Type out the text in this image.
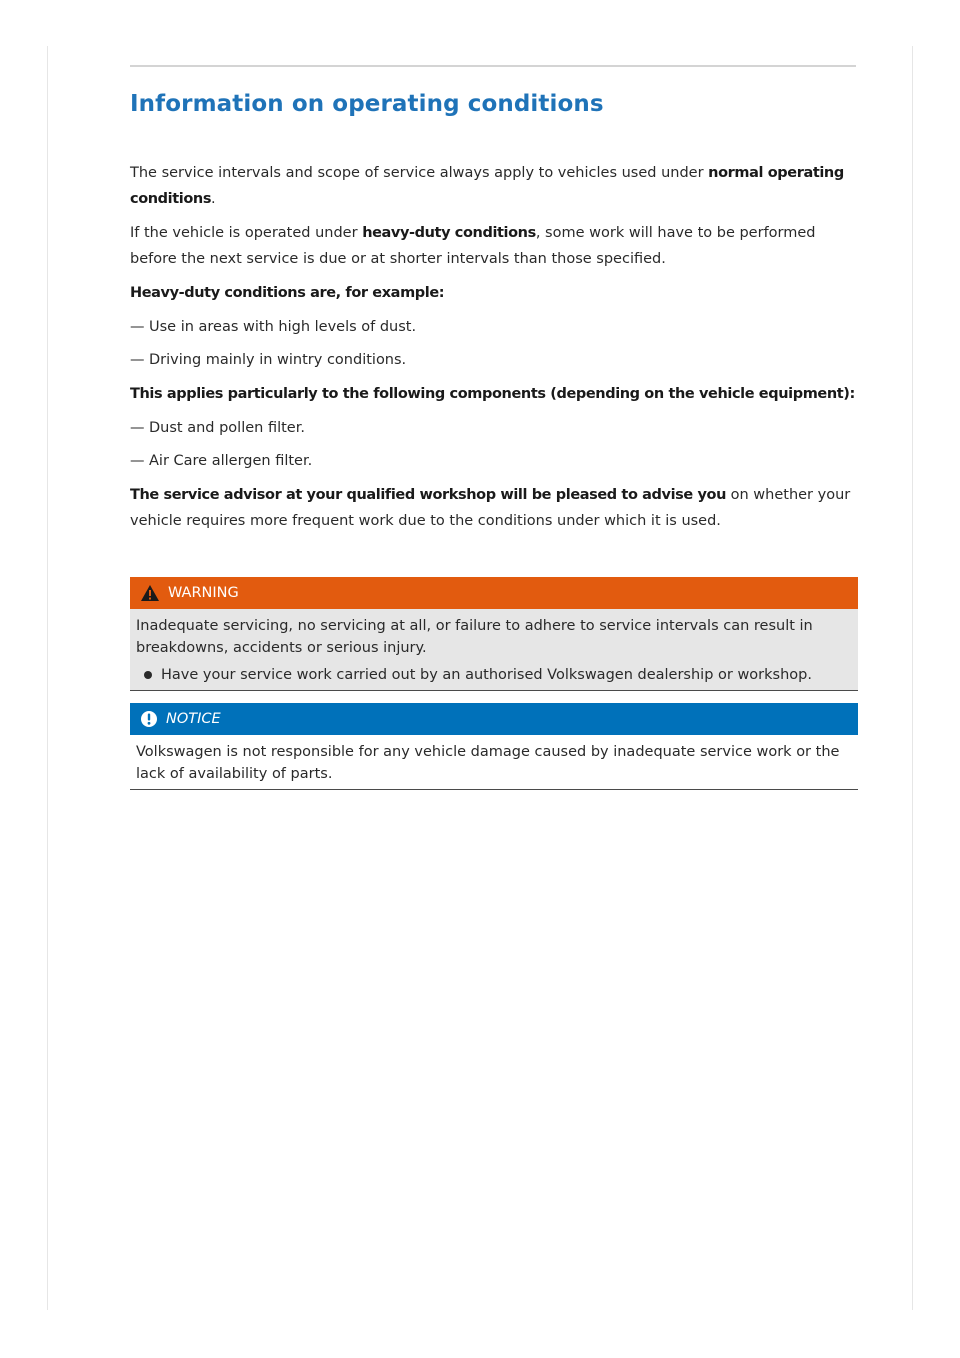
Information on operating conditions

The service intervals and scope of service always apply to vehicles used under normal operating conditions.

If the vehicle is operated under heavy-duty conditions, some work will have to be performed before the next service is due or at shorter intervals than those specified.

Heavy-duty conditions are, for example:

— Use in areas with high levels of dust.
— Driving mainly in wintry conditions.

This applies particularly to the following components (depending on the vehicle equipment):

— Dust and pollen filter.
— Air Care allergen filter.

The service advisor at your qualified workshop will be pleased to advise you on whether your vehicle requires more frequent work due to the conditions under which it is used.

WARNING

Inadequate servicing, no servicing at all, or failure to adhere to service intervals can result in breakdowns, accidents or serious injury.

Have your service work carried out by an authorised Volkswagen dealership or workshop.
NOTICE

Volkswagen is not responsible for any vehicle damage caused by inadequate service work or the lack of availability of parts.
